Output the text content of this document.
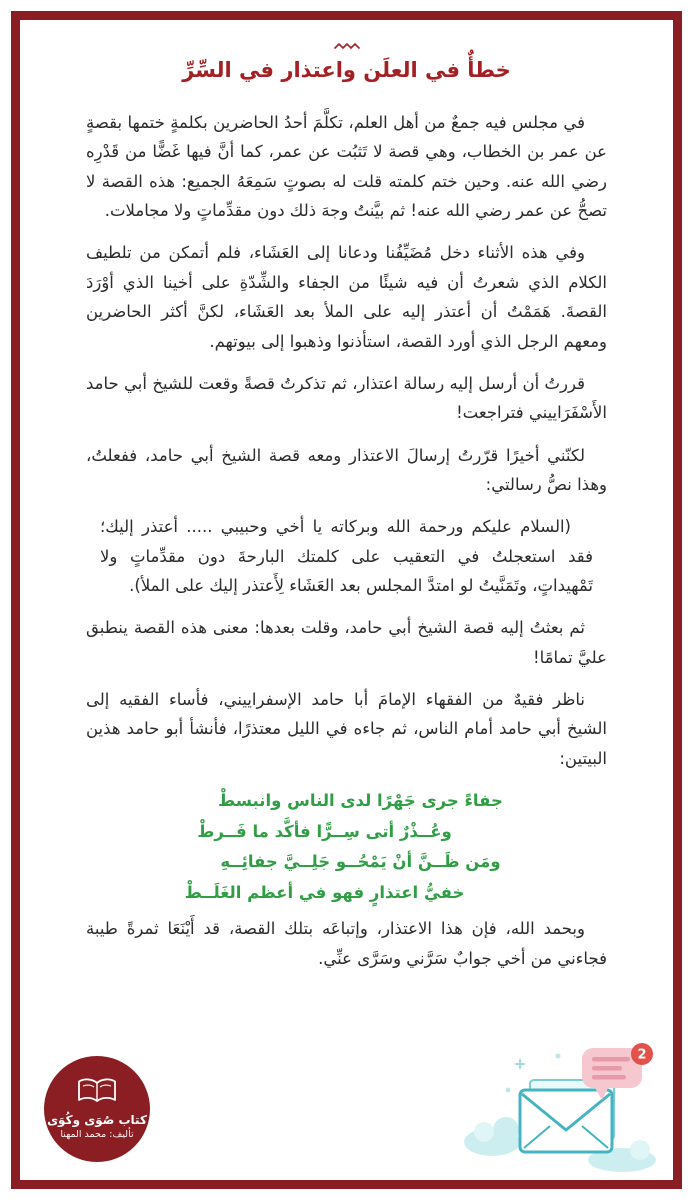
خطأٌ في العلَن واعتذار في السِّرِّ

في مجلس فيه جمعٌ من أهل العلم، تكلَّمَ أحدُ الحاضرين بكلمةٍ ختمها بقصةٍ عن عمر بن الخطاب، وهي قصة لا تَثبُت عن عمر، كما أنَّ فيها غَضًّا من قَدْرِه رضي الله عنه. وحين ختم كلمته قلت له بصوتٍ سَمِعَهُ الجميع: هذه القصة لا تصحُّ عن عمر رضي الله عنه! ثم بيَّنتُ وجهَ ذلك دون مقدِّماتٍ ولا مجاملات.

وفي هذه الأثناء دخل مُضَيِّفُنا ودعانا إلى العَشَاء، فلم أتمكن من تلطيف الكلام الذي شعرتُ أن فيه شيئًا من الجفاء والشِّدّةِ على أخينا الذي أوْرَدَ القصةَ. هَمَمْتُ أن أعتذر إليه على الملأ بعد العَشَاء، لكنَّ أكثر الحاضرين ومعهم الرجل الذي أورد القصة، استأذنوا وذهبوا إلى بيوتهم.

قررتُ أن أرسل إليه رسالة اعتذار، ثم تذكرتُ قصةً وقعت للشيخ أبي حامد الأَسْفَرَاييني فتراجعت!

لكنّني أخيرًا قرّرتُ إرسالَ الاعتذار ومعه قصة الشيخ أبي حامد، ففعلتُ، وهذا نصُّ رسالتي:

(السلام عليكم ورحمة الله وبركاته يا أخي وحبيبي ..... أعتذر إليك؛ فقد استعجلتُ في التعقيب على كلمتك البارحةَ دون مقدِّماتٍ ولا تَمْهيداتٍ، وتَمَنَّيتُ لو امتدَّ المجلس بعد العَشَاء لِأَعتذر إليك على الملأ).

ثم بعثتُ إليه قصة الشيخ أبي حامد، وقلت بعدها: معنى هذه القصة ينطبق عليَّ تمامًا!

ناظر فقيهٌ من الفقهاء الإمامَ أبا حامد الإسفراييني، فأساء الفقيه إلى الشيخ أبي حامد أمام الناس، ثم جاءه في الليل معتذرًا، فأنشأ أبو حامد هذين البيتين:

جفاءً جرى جَهْرًا لدى الناس وانبسطْ
وعُــذْرٌ أتى سِــرًّا فأكَّد ما فَــرطْ
ومَن ظَــنَّ أنْ يَمْحُــو جَلِــيَّ جفائِــهِ
خفيُّ اعتذارٍ فهو في أعظم الغَلَــطْ

وبحمد الله، فإن هذا الاعتذار، وإتباعَه بتلك القصة، قد أَيْنَعَا ثمرةً طيبة فجاءني من أخي جوابٌ سَرَّني وسَرَّى عنِّي.

كتاب صُوَى وكُوَى
تأليف: محمد المهنا
2
